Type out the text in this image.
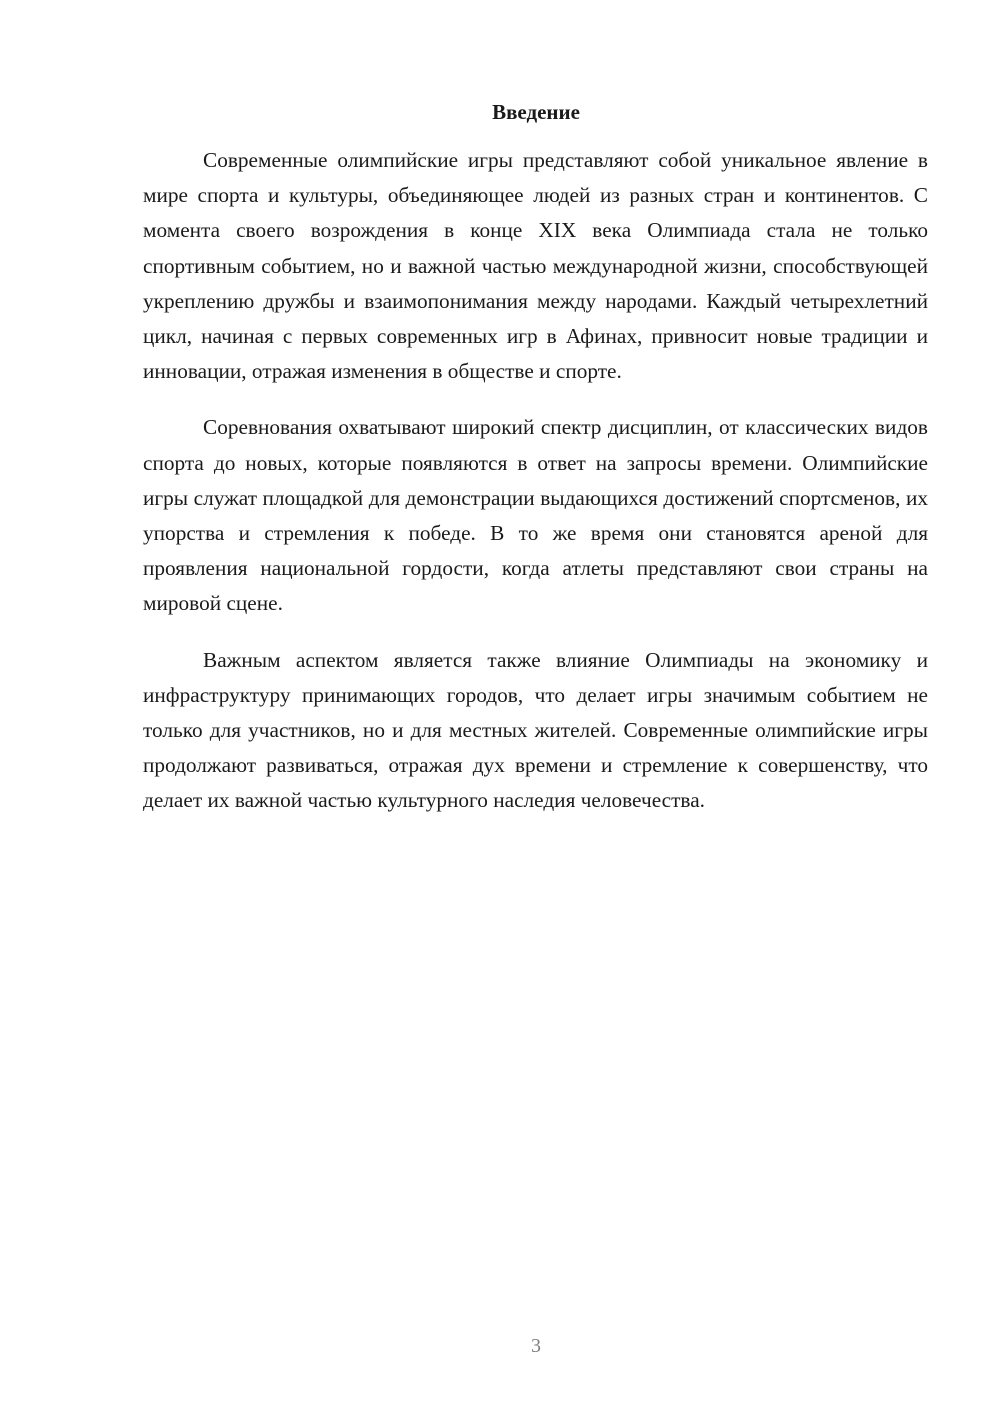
Введение

Современные олимпийские игры представляют собой уникальное явление в мире спорта и культуры, объединяющее людей из разных стран и континентов. С момента своего возрождения в конце XIX века Олимпиада стала не только спортивным событием, но и важной частью международной жизни, способствующей укреплению дружбы и взаимопонимания между народами. Каждый четырехлетний цикл, начиная с первых современных игр в Афинах, привносит новые традиции и инновации, отражая изменения в обществе и спорте.

Соревнования охватывают широкий спектр дисциплин, от классических видов спорта до новых, которые появляются в ответ на запросы времени. Олимпийские игры служат площадкой для демонстрации выдающихся достижений спортсменов, их упорства и стремления к победе. В то же время они становятся ареной для проявления национальной гордости, когда атлеты представляют свои страны на мировой сцене.

Важным аспектом является также влияние Олимпиады на экономику и инфраструктуру принимающих городов, что делает игры значимым событием не только для участников, но и для местных жителей. Современные олимпийские игры продолжают развиваться, отражая дух времени и стремление к совершенству, что делает их важной частью культурного наследия человечества.

3
